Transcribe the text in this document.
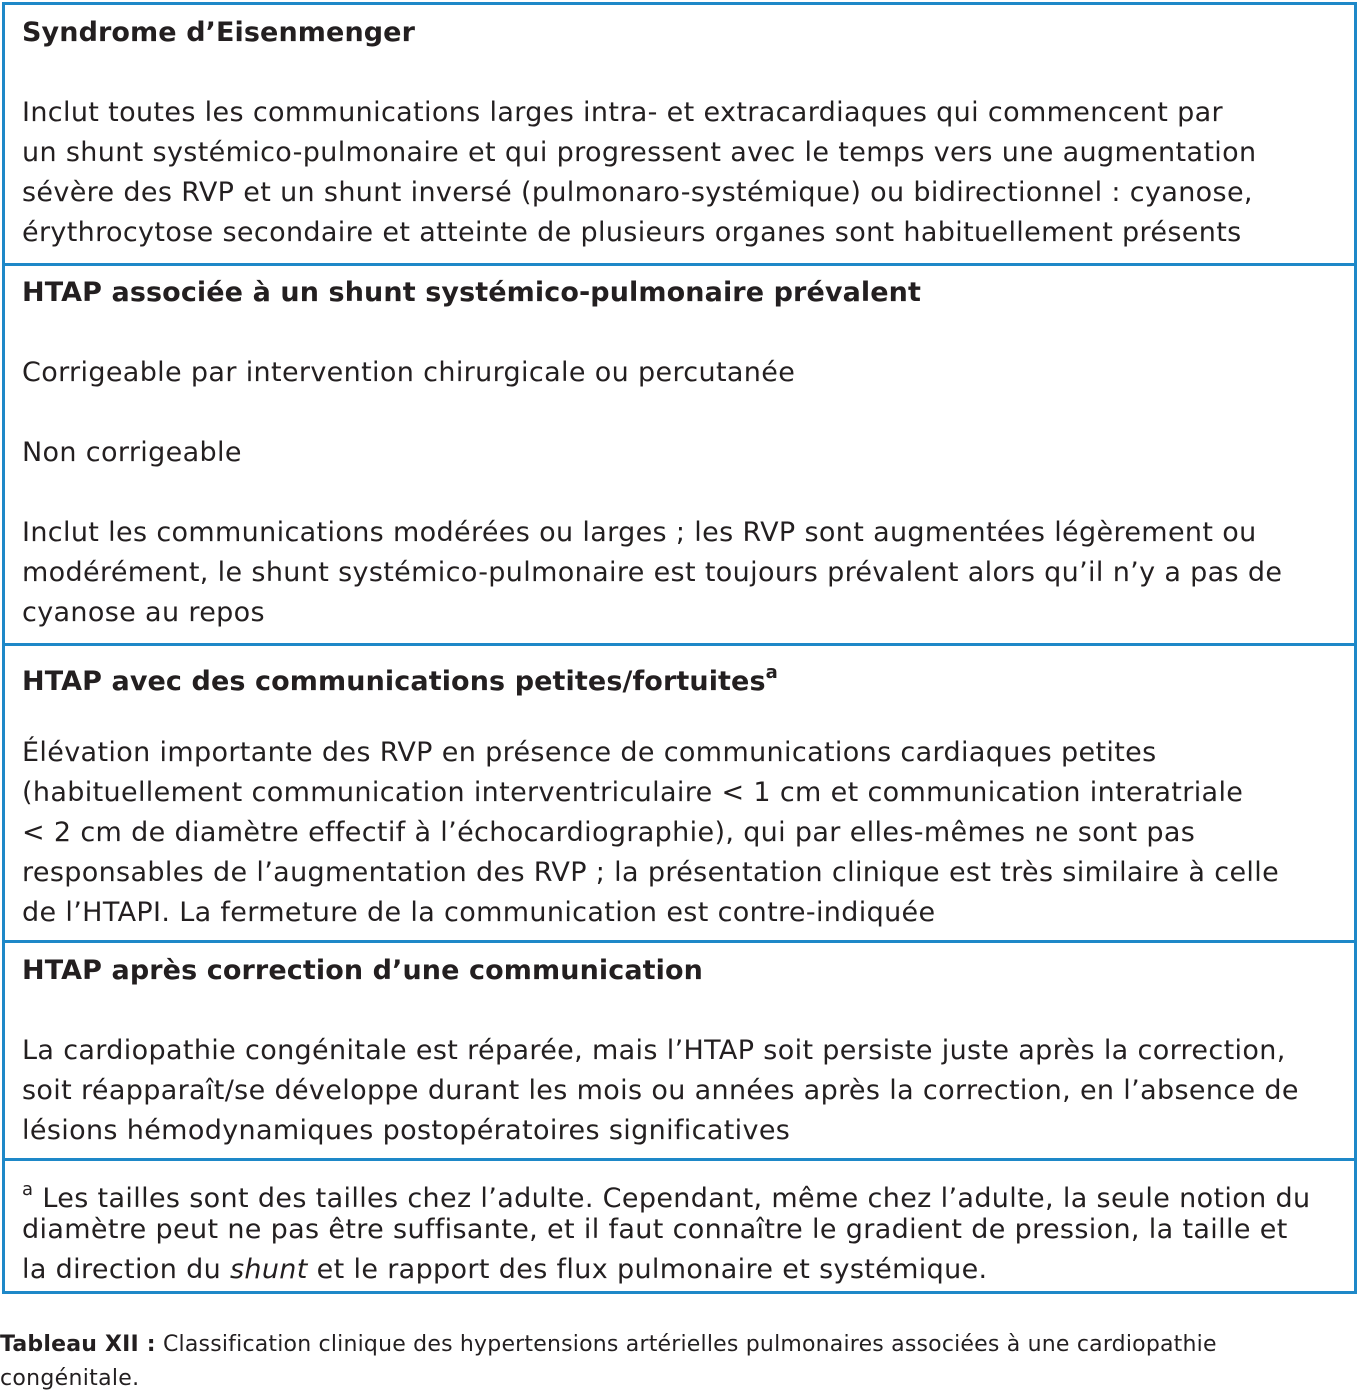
Syndrome d’Eisenmenger
Inclut toutes les communications larges intra- et extracardiaques qui commencent par
un shunt systémico-pulmonaire et qui progressent avec le temps vers une augmentation
sévère des RVP et un shunt inversé (pulmonaro-systémique) ou bidirectionnel : cyanose,
érythrocytose secondaire et atteinte de plusieurs organes sont habituellement présents
HTAP associée à un shunt systémico-pulmonaire prévalent
Corrigeable par intervention chirurgicale ou percutanée
Non corrigeable
Inclut les communications modérées ou larges ; les RVP sont augmentées légèrement ou
modérément, le shunt systémico-pulmonaire est toujours prévalent alors qu’il n’y a pas de
cyanose au repos
HTAP avec des communications petites/fortuites$^a$
Élévation importante des RVP en présence de communications cardiaques petites
(habituellement communication interventriculaire < 1 cm et communication interatriale
< 2 cm de diamètre effectif à l’échocardiographie), qui par elles-mêmes ne sont pas
responsables de l’augmentation des RVP ; la présentation clinique est très similaire à celle
de l’HTAPI. La fermeture de la communication est contre-indiquée
HTAP après correction d’une communication
La cardiopathie congénitale est réparée, mais l’HTAP soit persiste juste après la correction,
soit réapparaît/se développe durant les mois ou années après la correction, en l’absence de
lésions hémodynamiques postopératoires significatives
$^a$ Les tailles sont des tailles chez l’adulte. Cependant, même chez l’adulte, la seule notion du
diamètre peut ne pas être suffisante, et il faut connaître le gradient de pression, la taille et
la direction du shunt et le rapport des flux pulmonaire et systémique.
Tableau XII : Classification clinique des hypertensions artérielles pulmonaires associées à une cardiopathie
congénitale.
